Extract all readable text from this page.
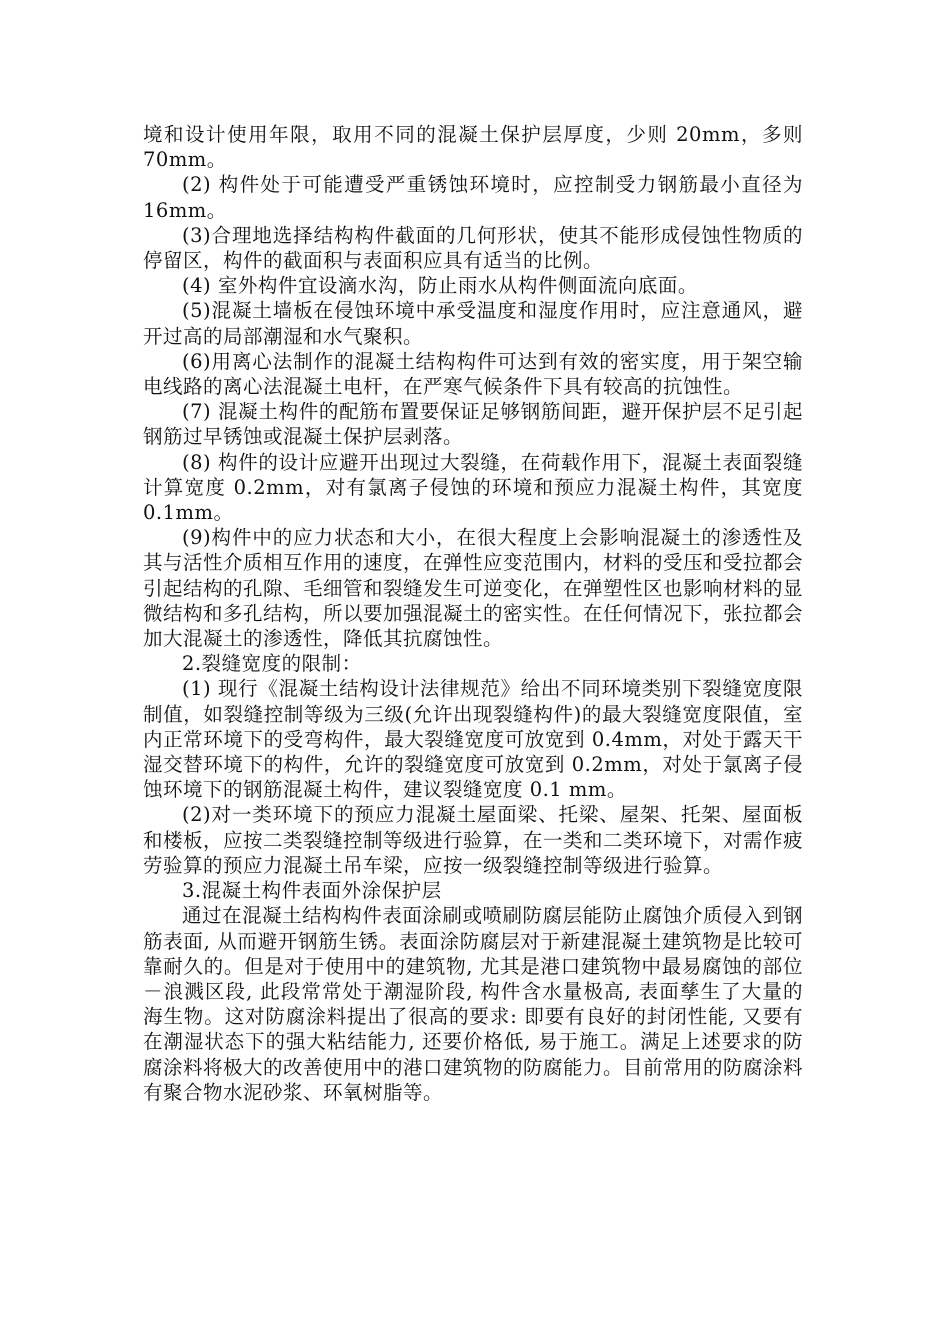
境和设计使用年限，取用不同的混凝土保护层厚度，少则 20mm，多则 70mm。

(2) 构件处于可能遭受严重锈蚀环境时，应控制受力钢筋最小直径为 16mm。

(3)合理地选择结构构件截面的几何形状，使其不能形成侵蚀性物质的停留区，构件的截面积与表面积应具有适当的比例。

(4) 室外构件宜设滴水沟，防止雨水从构件侧面流向底面。

(5)混凝土墙板在侵蚀环境中承受温度和湿度作用时，应注意通风，避开过高的局部潮湿和水气聚积。

(6)用离心法制作的混凝土结构构件可达到有效的密实度，用于架空输电线路的离心法混凝土电杆，在严寒气候条件下具有较高的抗蚀性。

(7) 混凝土构件的配筋布置要保证足够钢筋间距，避开保护层不足引起钢筋过早锈蚀或混凝土保护层剥落。

(8) 构件的设计应避开出现过大裂缝，在荷载作用下，混凝土表面裂缝计算宽度 0.2mm，对有氯离子侵蚀的环境和预应力混凝土构件，其宽度 0.1mm。

(9)构件中的应力状态和大小，在很大程度上会影响混凝土的渗透性及其与活性介质相互作用的速度，在弹性应变范围内，材料的受压和受拉都会引起结构的孔隙、毛细管和裂缝发生可逆变化，在弹塑性区也影响材料的显微结构和多孔结构，所以要加强混凝土的密实性。在任何情况下，张拉都会加大混凝土的渗透性，降低其抗腐蚀性。

2.裂缝宽度的限制：

(1) 现行《混凝土结构设计法律规范》给出不同环境类别下裂缝宽度限制值，如裂缝控制等级为三级(允许出现裂缝构件)的最大裂缝宽度限值，室内正常环境下的受弯构件，最大裂缝宽度可放宽到 0.4mm，对处于露天干湿交替环境下的构件，允许的裂缝宽度可放宽到 0.2mm，对处于氯离子侵蚀环境下的钢筋混凝土构件，建议裂缝宽度 0.1 mm。

(2)对一类环境下的预应力混凝土屋面梁、托梁、屋架、托架、屋面板和楼板，应按二类裂缝控制等级进行验算，在一类和二类环境下，对需作疲劳验算的预应力混凝土吊车梁，应按一级裂缝控制等级进行验算。

3.混凝土构件表面外涂保护层

通过在混凝土结构构件表面涂刷或喷刷防腐层能防止腐蚀介质侵入到钢筋表面, 从而避开钢筋生锈。表面涂防腐层对于新建混凝土建筑物是比较可靠耐久的。但是对于使用中的建筑物, 尤其是港口建筑物中最易腐蚀的部位－浪溅区段, 此段常常处于潮湿阶段, 构件含水量极高, 表面孳生了大量的海生物。这对防腐涂料提出了很高的要求: 即要有良好的封闭性能, 又要有在潮湿状态下的强大粘结能力, 还要价格低, 易于施工。满足上述要求的防腐涂料将极大的改善使用中的港口建筑物的防腐能力。目前常用的防腐涂料有聚合物水泥砂浆、环氧树脂等。
